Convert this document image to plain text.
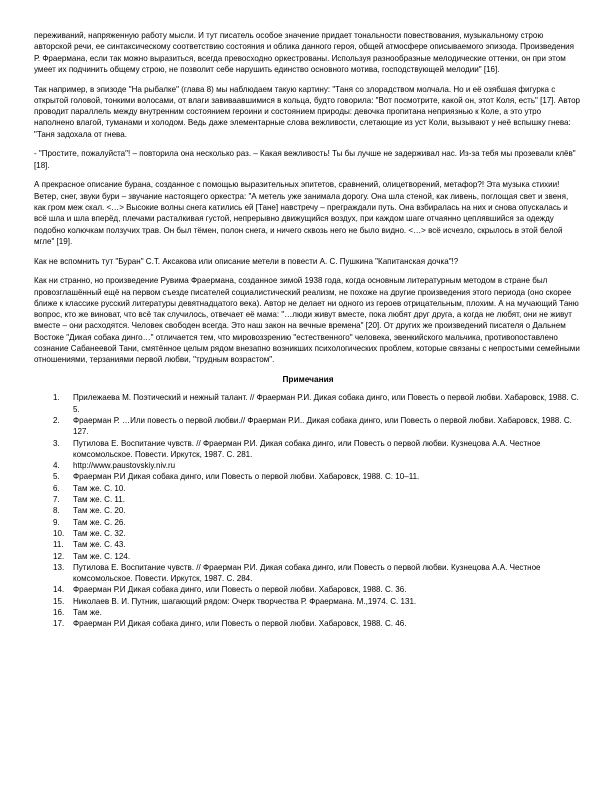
переживаний, напряженную работу мысли. И тут писатель особое значение придает тональности повествования, музыкальному строю авторской речи, ее синтаксическому соответствию состояния и облика данного героя, общей атмосфере описываемого эпизода. Произведения Р. Фраермана, если так можно выразиться, всегда превосходно оркестрованы. Используя разнообразные мелодические оттенки, он при этом умеет их подчинить общему строю, не позволит себе нарушить единство основного мотива, господствующей мелодии" [16].

Так например, в эпизоде "На рыбалке" (глава 8) мы наблюдаем такую картину: "Таня со злорадством молчала. Но и её озябшая фигурка с открытой головой, тонкими волосами, от влаги завиваавшимися в кольца, будто говорила: "Вот посмотрите, какой он, этот Коля, есть" [17]. Автор проводит параллель между внутренним состоянием героини и состоянием природы: девочка пропитана неприязнью к Коле, а это утро наполнено влагой, туманами и холодом. Ведь даже элементарные слова вежливости, слетающие из уст Коли, вызывают у неё вспышку гнева: "Таня задохала от гнева.

- "Простите, пожалуйста"! – повторила она несколько раз. – Какая вежливость! Ты бы лучше не задерживал нас. Из-за тебя мы прозевали клёв" [18].

А прекрасное описание бурана, созданное с помощью выразительных эпитетов, сравнений, олицетворений, метафор?! Эта музыка стихии! Ветер, снег, звуки бури – звучание настоящего оркестра: "А метель уже занимала дорогу. Она шла стеной, как ливень, поглощая свет и звеня, как гром меж скал. <…> Высокие волны снега катились ей [Тане] навстречу – преграждали путь. Она взбиралась на них и снова опускалась и всё шла и шла вперёд, плечами расталкивая густой, непрерывно движущийся воздух, при каждом шаге отчаянно цеплявшийся за одежду подобно колючкам ползучих трав. Он был тёмен, полон снега, и ничего сквозь него не было видно. <…> всё исчезло, скрылось в этой белой мгле" [19].

Как не вспомнить тут "Буран" С.Т. Аксакова или описание метели в повести А. С. Пушкина "Капитанская дочка"!?

Как ни странно, но произведение Рувима Фраермана, созданное зимой 1938 года, когда основным литературным методом в стране был провозглашённый ещё на первом съезде писателей социалистический реализм, не похоже на другие произведения этого периода (оно скорее ближе к классике русский литературы девятнадцатого века). Автор не делает ни одного из героев отрицательным, плохим. А на мучающий Таню вопрос, кто же виноват, что всё так случилось, отвечает её мама: "…люди живут вместе, пока любят друг друга, а когда не любят, они не живут вместе – они расходятся. Человек свободен всегда. Это наш закон на вечные времена" [20]. От других же произведений писателя о Дальнем Востоке "Дикая собака динго…" отличается тем, что мировоззрению "естественного" человека, эвенкийского мальчика, противопоставлено сознание Сабанеевой Тани, смятённое целым рядом внезапно возникших психологических проблем, которые связаны с непростыми семейными отношениями, терзаниями первой любви, "трудным возрастом".

Примечания
1. Прилежаева М. Поэтический и нежный талант. // Фраерман Р.И. Дикая собака динго, или Повесть о первой любви. Хабаровск, 1988. С. 5.
2. Фраерман Р. …Или повесть о первой любви.// Фраерман Р.И.. Дикая собака динго, или Повесть о первой любви. Хабаровск, 1988. С. 127.
3. Путилова Е. Воспитание чувств. // Фраерман Р.И. Дикая собака динго, или Повесть о первой любви. Кузнецова А.А. Честное комсомольское. Повести. Иркутск, 1987. С. 281.
4. http://www.paustovskiy.niv.ru
5. Фраерман Р.И Дикая собака динго, или Повесть о первой любви. Хабаровск, 1988. С. 10–11.
6. Там же. С. 10.
7. Там же. С. 11.
8. Там же. С. 20.
9. Там же. С. 26.
10. Там же. С. 32.
11. Там же. С. 43.
12. Там же. С. 124.
13. Путилова Е. Воспитание чувств. // Фраерман Р.И. Дикая собака динго, или Повесть о первой любви. Кузнецова А.А. Честное комсомольское. Повести. Иркутск, 1987. С. 284.
14. Фраерман Р.И Дикая собака динго, или Повесть о первой любви. Хабаровск, 1988. С. 36.
15. Николаев В. И. Путник, шагающий рядом: Очерк творчества Р. Фраермана. М.,1974. С. 131.
16. Там же.
17. Фраерман Р.И Дикая собака динго, или Повесть о первой любви. Хабаровск, 1988. С. 46.
